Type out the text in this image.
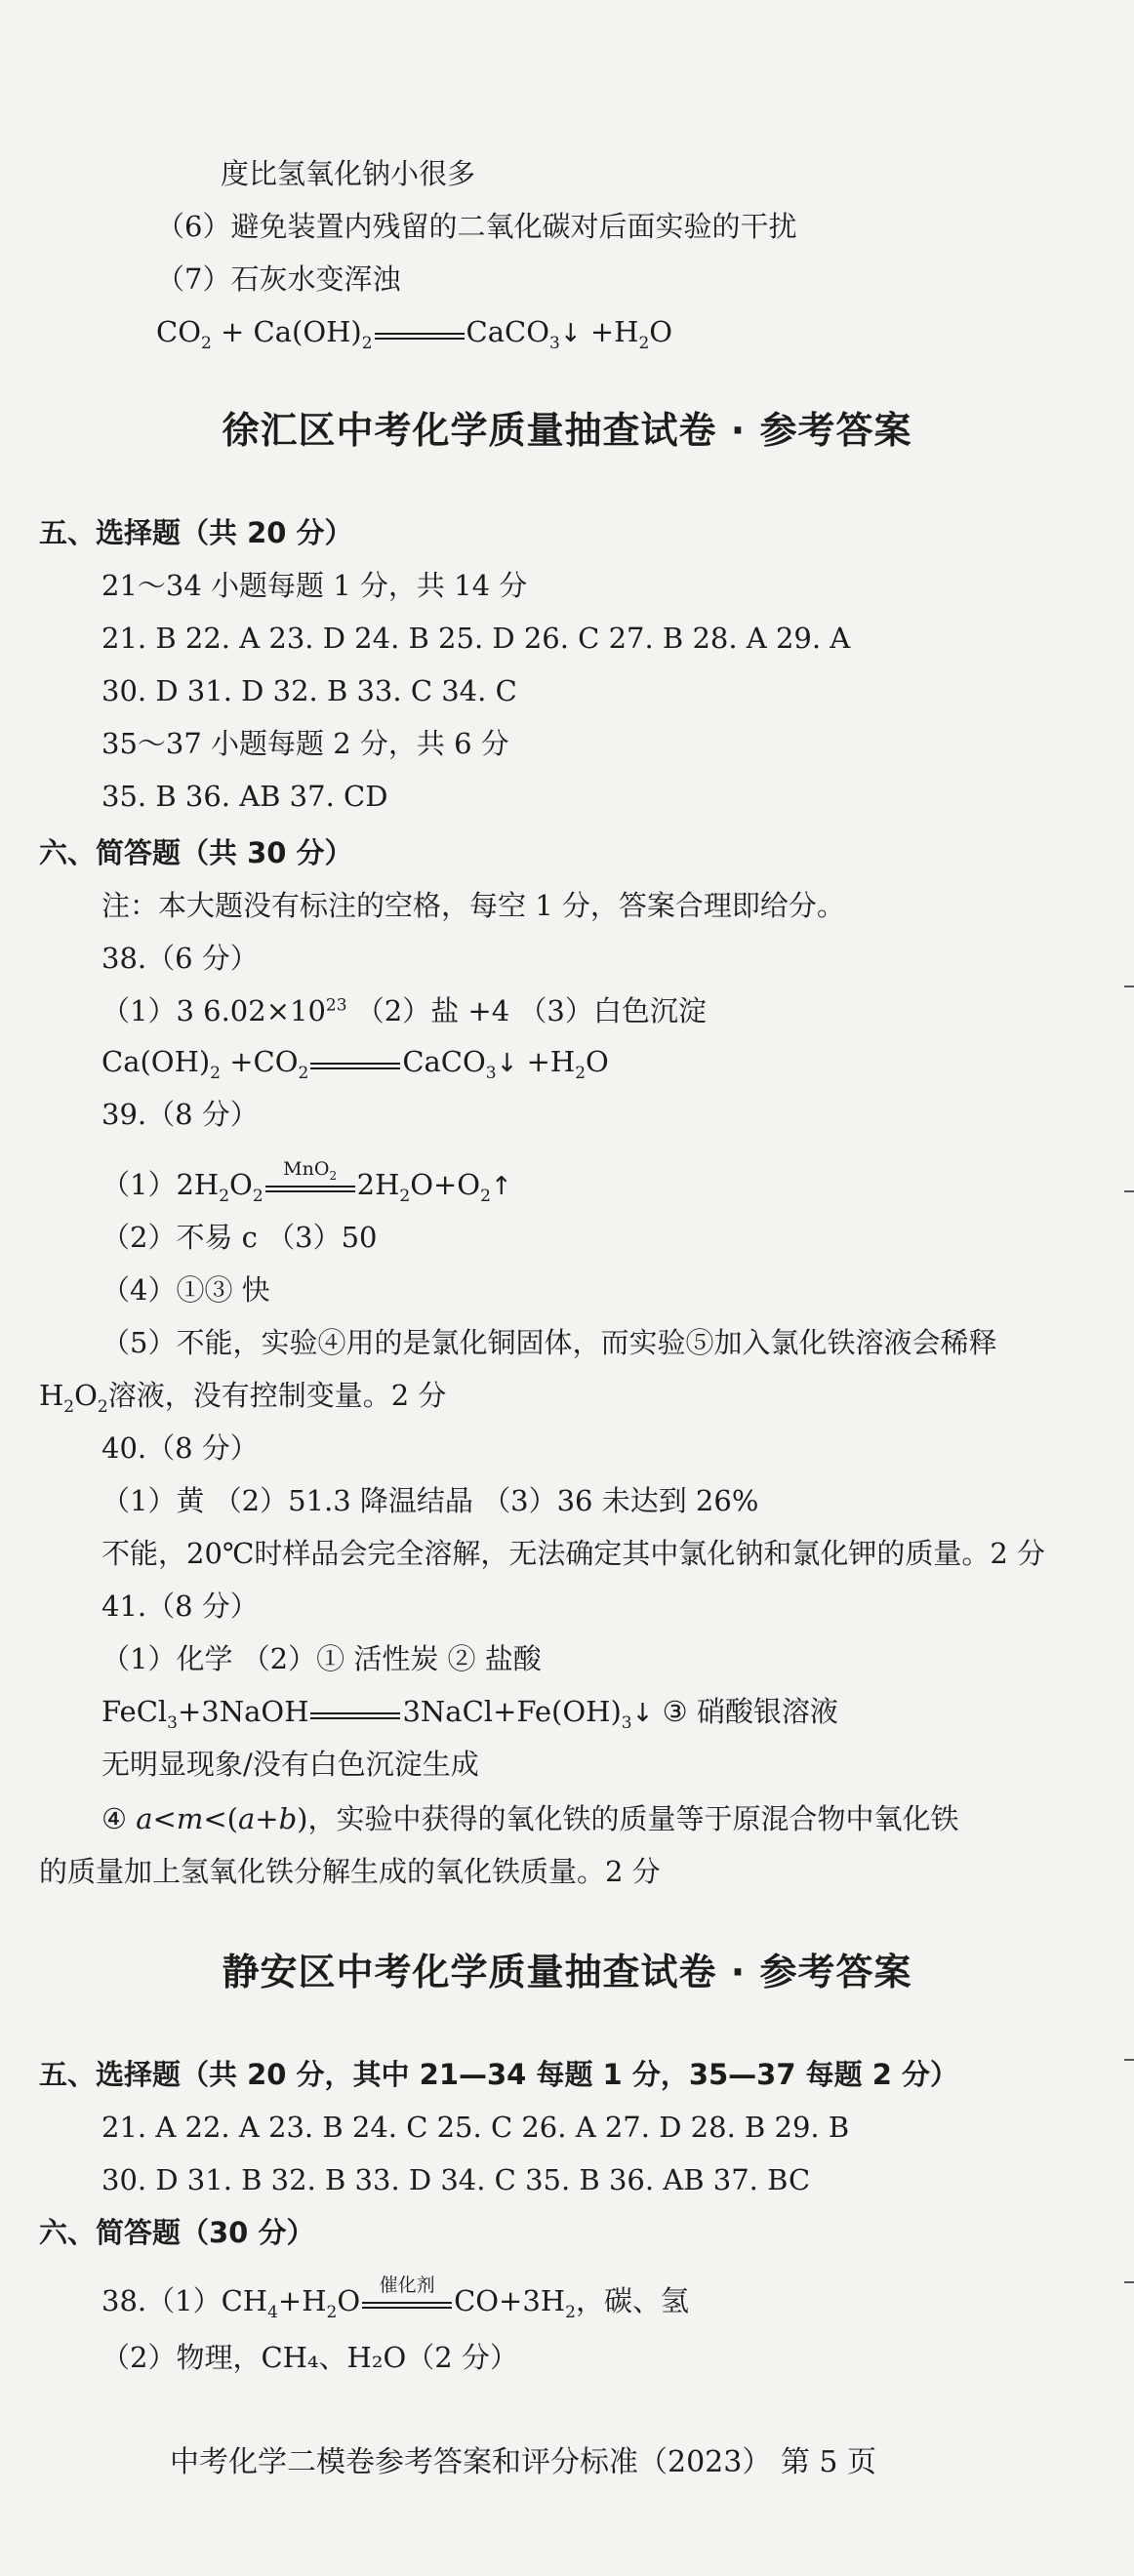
度比氢氧化钠小很多
（6）避免装置内残留的二氧化碳对后面实验的干扰
（7）石灰水变浑浊
$CO_2 + Ca(OH)_2$	CaCO$_3$↓ $+H_2O$
徐汇区中考化学质量抽查试卷 · 参考答案
五、选择题（共 20 分）
21～34 小题每题 1 分，共 14 分
21. B 22. A 23. D 24. B 25. D 26. C 27. B 28. A 29. A
30. D 31. D 32. B 33. C 34. C
35～37 小题每题 2 分，共 6 分
35. B 36. AB 37. CD
六、简答题（共 30 分）
注：本大题没有标注的空格，每空 1 分，答案合理即给分。
38.（6 分）
（1）3 $6.02\times 10^{23}$ （2）盐 +4 （3）白色沉淀
$Ca(OH)_2 +CO_2$	CaCO$_3$↓ $+H_2O$
39.（8 分）
$(1)2H_2O_2$
MnO$_2$ $2H_2O+O_2↑$
（2）不易 c （3）50
（4）①③ 快
（5）不能，实验④用的是氯化铜固体，而实验⑤加入氯化铁溶液会稀释
$H_2O_2$溶液，没有控制变量。2 分
40.（8 分）
（1）黄 （2）51.3 降温结晶 （3）36 未达到 26%
不能，20℃时样品会完全溶解，无法确定其中氯化钠和氯化钾的质量。2 分
41.（8 分）
（1）化学 （2）① 活性炭 ② 盐酸
FeCl$_3$+3NaOH	$3NaCl+Fe(OH)_3↓$ ③ 硝酸银溶液
无明显现象/没有白色沉淀生成
④ a<m<(a+b)，实验中获得的氧化铁的质量等于原混合物中氧化铁
的质量加上氢氧化铁分解生成的氧化铁质量。2 分
静安区中考化学质量抽查试卷 · 参考答案
五、选择题（共 20 分，其中 21—34 每题 1 分，35—37 每题 2 分）
21. A 22. A 23. B 24. C 25. C 26. A 27. D 28. B 29. B
30. D 31. B 32. B 33. D 34. C 35. B 36. AB 37. BC
六、简答题（30 分）
$38.(1)CH_4+H_2O$	催化剂 $CO+3H_2$，碳、氢
（2）物理，CH₄、H₂O（2 分）
中考化学二模卷参考答案和评分标准（2023） 第 5 页
